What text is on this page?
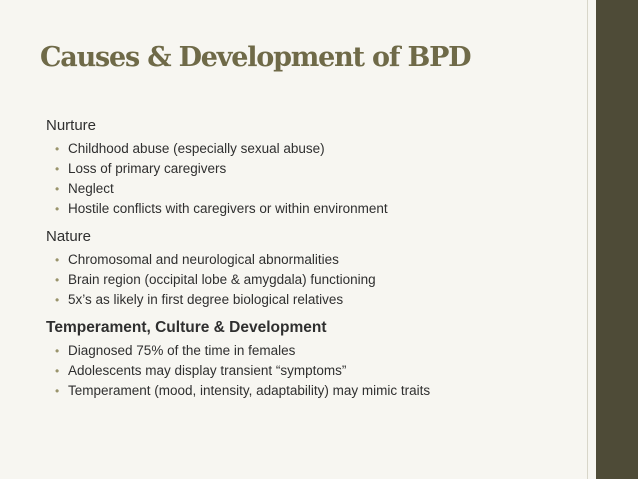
Causes & Development of BPD
Nurture
• Childhood abuse (especially sexual abuse)
• Loss of primary caregivers
• Neglect
• Hostile conflicts with caregivers or within environment
Nature
• Chromosomal and neurological abnormalities
• Brain region (occipital lobe & amygdala) functioning
• 5x’s as likely in first degree biological relatives
Temperament, Culture & Development
• Diagnosed 75% of the time in females
• Adolescents may display transient “symptoms”
• Temperament (mood, intensity, adaptability) may mimic traits
